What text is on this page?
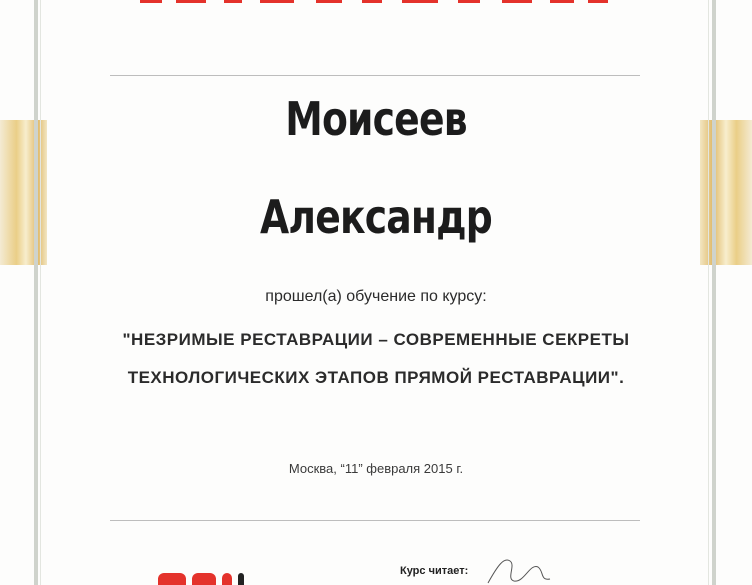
Моисеев
Александр
прошел(а) обучение по курсу:
"НЕЗРИМЫЕ РЕСТАВРАЦИИ – СОВРЕМЕННЫЕ СЕКРЕТЫ
ТЕХНОЛОГИЧЕСКИХ ЭТАПОВ ПРЯМОЙ РЕСТАВРАЦИИ".
Москва, “11” февраля 2015 г.
Курс читает:
